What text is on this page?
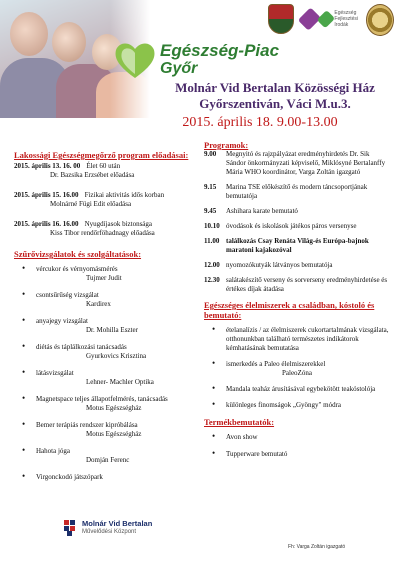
Egészség Fejlesztési Irodák
Egészség-Piac
Győr
Molnár Vid Bertalan Közösségi Ház
Győrszentiván, Váci M.u.3.
2015. április 18. 9.00-13.00
Lakossági Egészségmegőrző program előadásai:
2015. április 13. 16. 00 Élet 60 után
Dr. Bazsika Erzsébet előadása
2015. április 15. 16.00 Fizikai aktivitás idős korban
Molnárné Fügi Edit előadása
2015. április 16. 16.00 Nyugdíjasok biztonsága
Kiss Tibor rendőrföhadnagy előadása
Szűrővizsgálatok és szolgáltatások:
• vércukor és vérnyomásmérés
Tujmer Judit
• csontsűrűség vizsgálat
Kardirex
• anyajegy vizsgálat
Dr. Mohilla Eszter
• diétás és táplálkozási tanácsadás
Gyurkovics Krisztina
• látásvizsgálat
Lehner- Machler Optika
• Magnetspace teljes állapotfelmérés, tanácsadás
Motus Egészségház
• Bemer terápiás rendszer kipróbálása
Motus Egészségház
• Hahota jóga
Domján Ferenc
• Virgonckodó játszópark
Programok:
9.00	Megnyitó és rajzpályázat eredményhirdetés Dr. Sik Sándor önkormányzati képviselő, Miklósyné Bertalanffy Mária WHO koordinátor, Varga Zoltán igazgató
9.15	Marina TSE előkészítő és modern táncsoportjának bemutatója
9.45	Ashihara karate bemutató
10.10 óvodások és iskolások játékos páros versenyse
11.00 találkozás Csay Renáta Világ-és Európa-bajnok maratoni kajakozóval
12.00 nyomozókutyák látványos bemutatója
12.30 salátakészítő verseny és sorverseny eredményhirdetése és értékes díjak átadása
Egészséges élelmiszerek a családban, kóstoló és bemutató:
• ételanalízis / az élelmiszerek cukortartalmának vizsgálata, otthonunkban található természetes indikátorok kémhatásának bemutatása
• ismerkedés a Paleo élelmiszerekkel
PaleoZóna
• Mandala teaház árusításával egybekötött teakóstolója
• különleges finomságok „Gyöngy" módra
Termékbemutatók:
• Avon show
• Tupperware bemutató
Molnár Vid Bertalan
Művelődési Központ
Fh: Varga Zoltán igazgató
